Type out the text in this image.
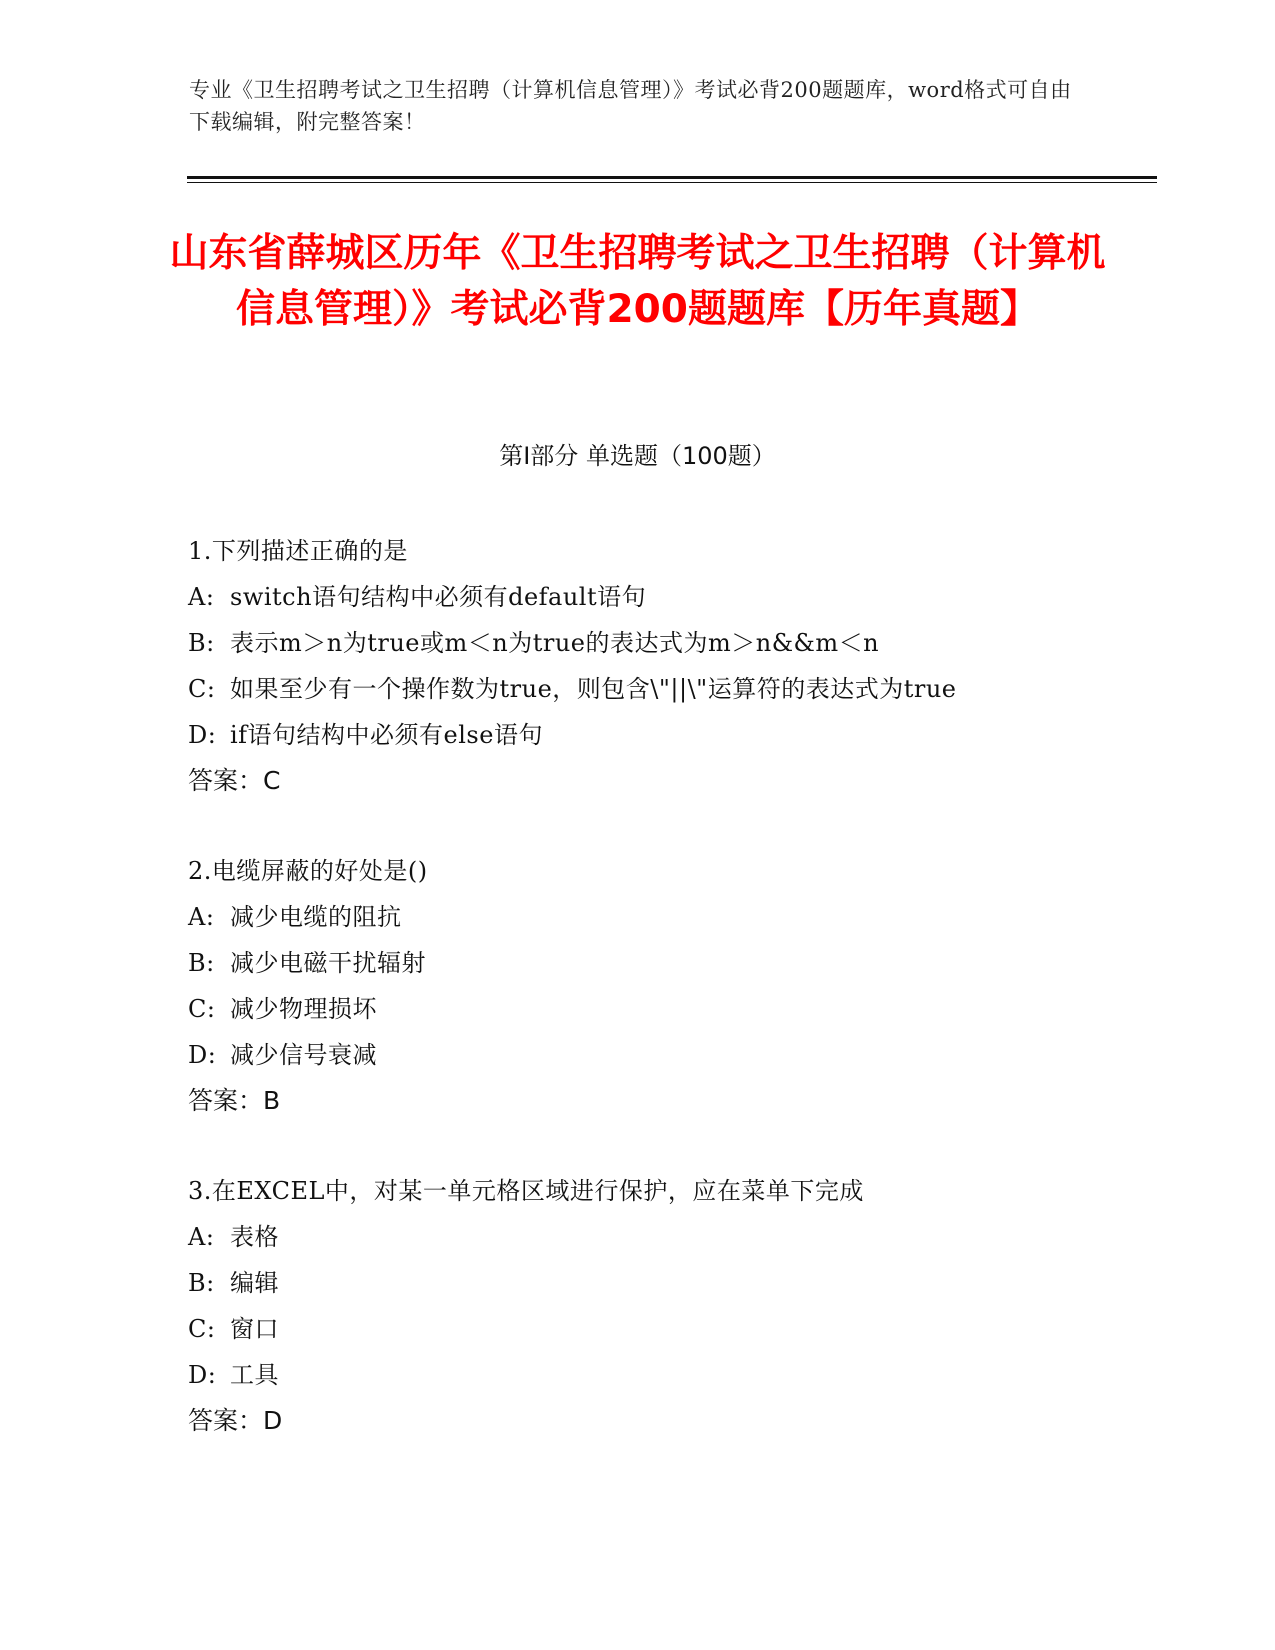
专业《卫生招聘考试之卫生招聘（计算机信息管理）》考试必背200题题库，word格式可自由下载编辑，附完整答案！
山东省薛城区历年《卫生招聘考试之卫生招聘（计算机信息管理）》考试必背200题题库【历年真题】
第Ⅰ部分 单选题（100题）
1.下列描述正确的是
A: switch语句结构中必须有default语句
B: 表示m＞n为true或m＜n为true的表达式为m＞n&&m＜n
C: 如果至少有一个操作数为true，则包含\"||\"运算符的表达式为true
D: if语句结构中必须有else语句
答案：C
2.电缆屏蔽的好处是()
A: 减少电缆的阻抗
B: 减少电磁干扰辐射
C: 减少物理损坏
D: 减少信号衰减
答案：B
3.在EXCEL中，对某一单元格区域进行保护，应在菜单下完成
A: 表格
B: 编辑
C: 窗口
D: 工具
答案：D
